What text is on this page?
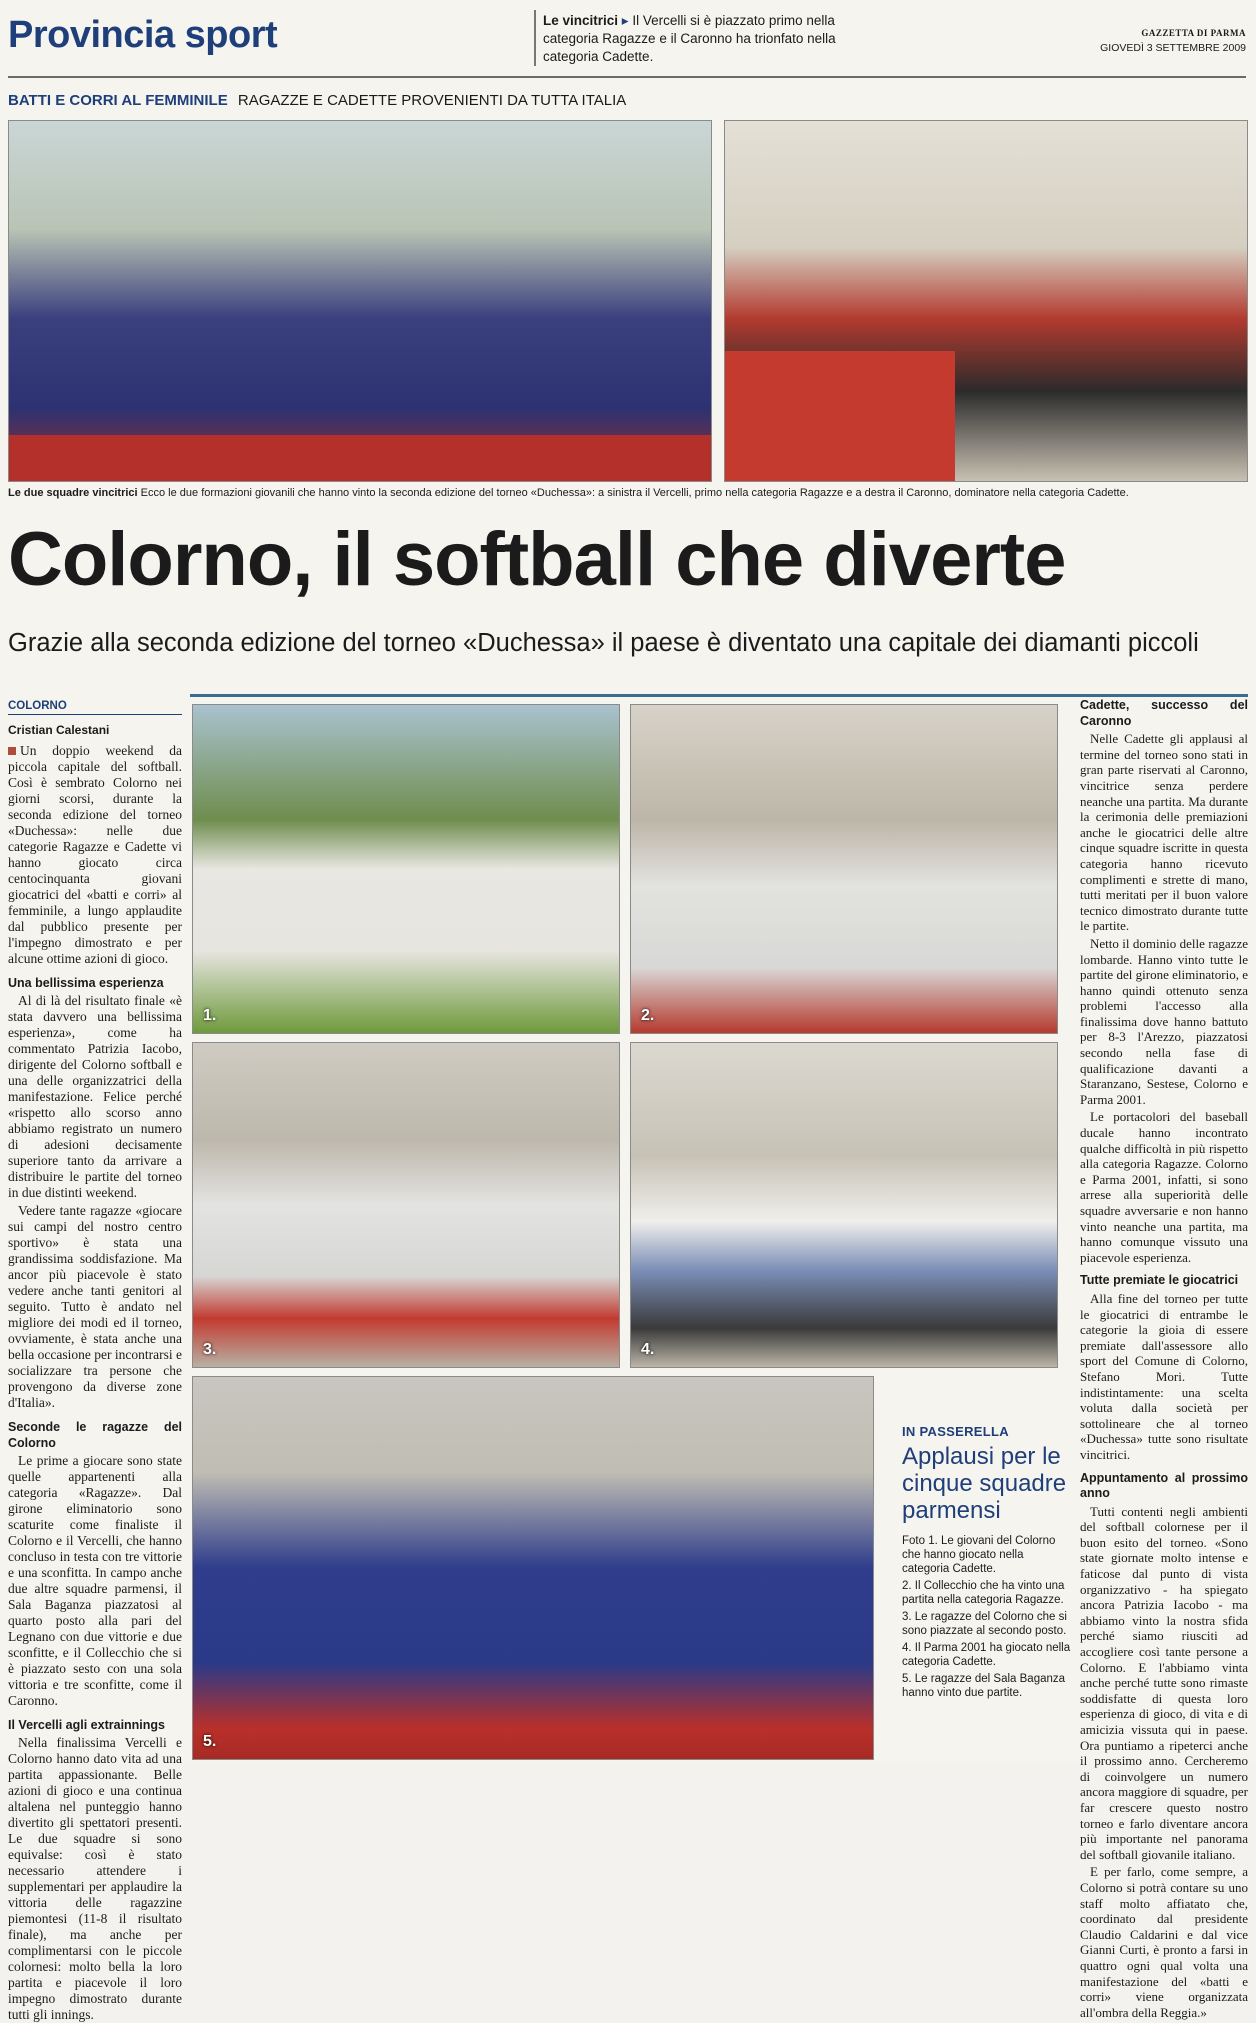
Provincia sport	Le vincitrici ▸ Il Vercelli si è piazzato primo nella categoria Ragazze e il Caronno ha trionfato nella categoria Cadette.
GAZZETTA DI PARMA
GIOVEDÌ 3 SETTEMBRE 2009
BATTI E CORRI AL FEMMINILE RAGAZZE E CADETTE PROVENIENTI DA TUTTA ITALIA
Le due squadre vincitrici Ecco le due formazioni giovanili che hanno vinto la seconda edizione del torneo «Duchessa»: a sinistra il Vercelli, primo nella categoria Ragazze e a destra il Caronno, dominatore nella categoria Cadette.
Colorno, il softball che diverte
Grazie alla seconda edizione del torneo «Duchessa» il paese è diventato una capitale dei diamanti piccoli
COLORNO
Cristian Calestani

Un doppio weekend da piccola capitale del softball. Così è sembrato Colorno nei giorni scorsi, durante la seconda edizione del torneo «Duchessa»: nelle due categorie Ragazze e Cadette vi hanno giocato circa centocinquanta giovani giocatrici del «batti e corri» al femminile, a lungo applaudite dal pubblico presente per l'impegno dimostrato e per alcune ottime azioni di gioco.

Una bellissima esperienza

Al di là del risultato finale «è stata davvero una bellissima esperienza», come ha commentato Patrizia Iacobo, dirigente del Colorno softball e una delle organizzatrici della manifestazione. Felice perché «rispetto allo scorso anno abbiamo registrato un numero di adesioni decisamente superiore tanto da arrivare a distribuire le partite del torneo in due distinti weekend.

Vedere tante ragazze «giocare sui campi del nostro centro sportivo» è stata una grandissima soddisfazione. Ma ancor più piacevole è stato vedere anche tanti genitori al seguito. Tutto è andato nel migliore dei modi ed il torneo, ovviamente, è stata anche una bella occasione per incontrarsi e socializzare tra persone che provengono da diverse zone d'Italia».

Seconde le ragazze del Colorno

Le prime a giocare sono state quelle appartenenti alla categoria «Ragazze». Dal girone eliminatorio sono scaturite come finaliste il Colorno e il Vercelli, che hanno concluso in testa con tre vittorie e una sconfitta. In campo anche due altre squadre parmensi, il Sala Baganza piazzatosi al quarto posto alla pari del Legnano con due vittorie e due sconfitte, e il Collecchio che si è piazzato sesto con una sola vittoria e tre sconfitte, come il Caronno.

Il Vercelli agli extrainnings

Nella finalissima Vercelli e Colorno hanno dato vita ad una partita appassionante. Belle azioni di gioco e una continua altalena nel punteggio hanno divertito gli spettatori presenti. Le due squadre si sono equivalse: così è stato necessario attendere i supplementari per applaudire la vittoria delle ragazzine piemontesi (11-8 il risultato finale), ma anche per complimentarsi con le piccole colornesi: molto bella la loro partita e piacevole il loro impegno dimostrato durante tutti gli innings.

1.	2.
3.	4.
5.
IN PASSERELLA
Applausi per le cinque squadre parmensi
Foto 1. Le giovani del Colorno che hanno giocato nella categoria Cadette.
2. Il Collecchio che ha vinto una partita nella categoria Ragazze.
3. Le ragazze del Colorno che si sono piazzate al secondo posto.
4. Il Parma 2001 ha giocato nella categoria Cadette.
5. Le ragazze del Sala Baganza hanno vinto due partite.
Cadette, successo del Caronno

Nelle Cadette gli applausi al termine del torneo sono stati in gran parte riservati al Caronno, vincitrice senza perdere neanche una partita. Ma durante la cerimonia delle premiazioni anche le giocatrici delle altre cinque squadre iscritte in questa categoria hanno ricevuto complimenti e strette di mano, tutti meritati per il buon valore tecnico dimostrato durante tutte le partite.

Netto il dominio delle ragazze lombarde. Hanno vinto tutte le partite del girone eliminatorio, e hanno quindi ottenuto senza problemi l'accesso alla finalissima dove hanno battuto per 8-3 l'Arezzo, piazzatosi secondo nella fase di qualificazione davanti a Staranzano, Sestese, Colorno e Parma 2001.

Le portacolori del baseball ducale hanno incontrato qualche difficoltà in più rispetto alla categoria Ragazze. Colorno e Parma 2001, infatti, si sono arrese alla superiorità delle squadre avversarie e non hanno vinto neanche una partita, ma hanno comunque vissuto una piacevole esperienza.

Tutte premiate le giocatrici

Alla fine del torneo per tutte le giocatrici di entrambe le categorie la gioia di essere premiate dall'assessore allo sport del Comune di Colorno, Stefano Mori. Tutte indistintamente: una scelta voluta dalla società per sottolineare che al torneo «Duchessa» tutte sono risultate vincitrici.

Appuntamento al prossimo anno

Tutti contenti negli ambienti del softball colornese per il buon esito del torneo. «Sono state giornate molto intense e faticose dal punto di vista organizzativo - ha spiegato ancora Patrizia Iacobo - ma abbiamo vinto la nostra sfida perché siamo riusciti ad accogliere così tante persone a Colorno. E l'abbiamo vinta anche perché tutte sono rimaste soddisfatte di questa loro esperienza di gioco, di vita e di amicizia vissuta qui in paese. Ora puntiamo a ripeterci anche il prossimo anno. Cercheremo di coinvolgere un numero ancora maggiore di squadre, per far crescere questo nostro torneo e farlo diventare ancora più importante nel panorama del softball giovanile italiano.

E per farlo, come sempre, a Colorno si potrà contare su uno staff molto affiatato che, coordinato dal presidente Claudio Caldarini e dal vice Gianni Curti, è pronto a farsi in quattro ogni qual volta una manifestazione del «batti e corri» viene organizzata all'ombra della Reggia.»
